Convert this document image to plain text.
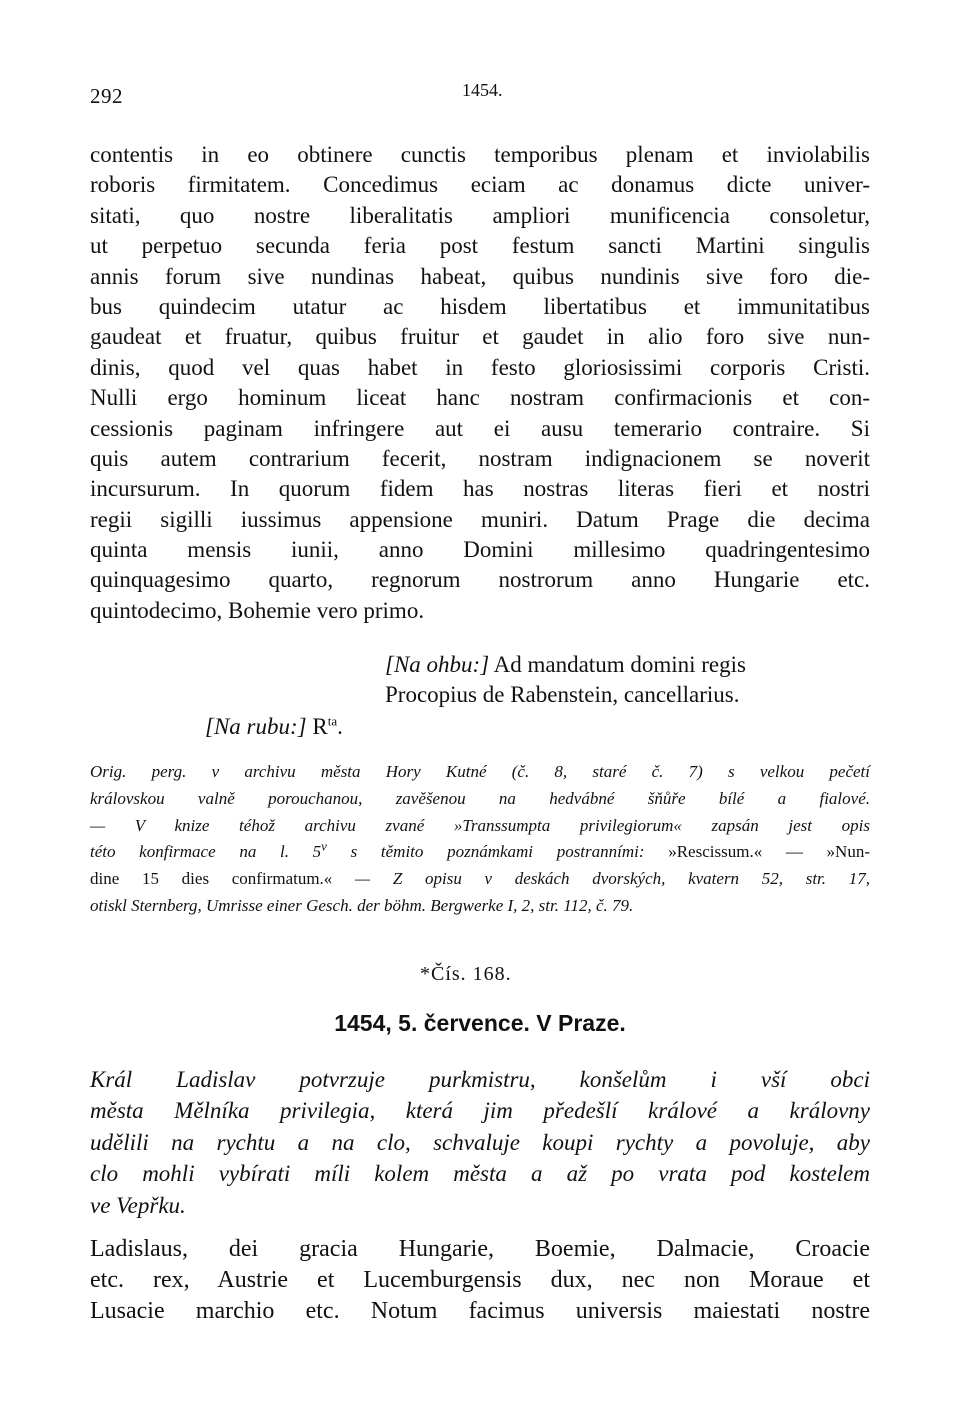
292	1454.
contentis in eo obtinere cunctis temporibus plenam et inviolabilis
roboris firmitatem. Concedimus eciam ac donamus dicte univer-
sitati, quo nostre liberalitatis ampliori munificencia consoletur,
ut perpetuo secunda feria post festum sancti Martini singulis
annis forum sive nundinas habeat, quibus nundinis sive foro die-
bus quindecim utatur ac hisdem libertatibus et immunitatibus
gaudeat et fruatur, quibus fruitur et gaudet in alio foro sive nun-
dinis, quod vel quas habet in festo gloriosissimi corporis Cristi.
Nulli ergo hominum liceat hanc nostram confirmacionis et con-
cessionis paginam infringere aut ei ausu temerario contraire. Si
quis autem contrarium fecerit, nostram indignacionem se noverit
incursurum. In quorum fidem has nostras literas fieri et nostri
regii sigilli iussimus appensione muniri. Datum Prage die decima
quinta mensis iunii, anno Domini millesimo quadringentesimo
quinquagesimo quarto, regnorum nostrorum anno Hungarie etc.
quintodecimo, Bohemie vero primo.
[Na ohbu:] Ad mandatum domini regis
Procopius de Rabenstein, cancellarius.
[Na rubu:] $R^{ta}$.
Orig. perg. v archivu města Hory Kutné (č. 8, staré č. 7) s velkou pečetí
královskou valně porouchanou, zavěšenou na hedvábné šňůře bílé a fialové.
— V knize téhož archivu zvané »Transsumpta privilegiorum« zapsán jest opis
této konfirmace na l. 5$^v$ s těmito poznámkami postranními: »Rescissum.« — »Nun-
dine 15 dies confirmatum.« — Z opisu v deskách dvorských, kvatern 52, str. 17,
otiskl Sternberg, Umrisse einer Gesch. der böhm. Bergwerke I, 2, str. 112, č. 79.
*Čís. 168.
1454, 5. července. V Praze.
Král Ladislav potvrzuje purkmistru, konšelům i vší obci
města Mělníka privilegia, která jim předešlí králové a královny
udělili na rychtu a na clo, schvaluje koupi rychty a povoluje, aby
clo mohli vybírati míli kolem města a až po vrata pod kostelem
ve Vepřku.
Ladislaus, dei gracia Hungarie, Boemie, Dalmacie, Croacie
etc. rex, Austrie et Lucemburgensis dux, nec non Moraue et
Lusacie marchio etc. Notum facimus universis maiestati nostre
